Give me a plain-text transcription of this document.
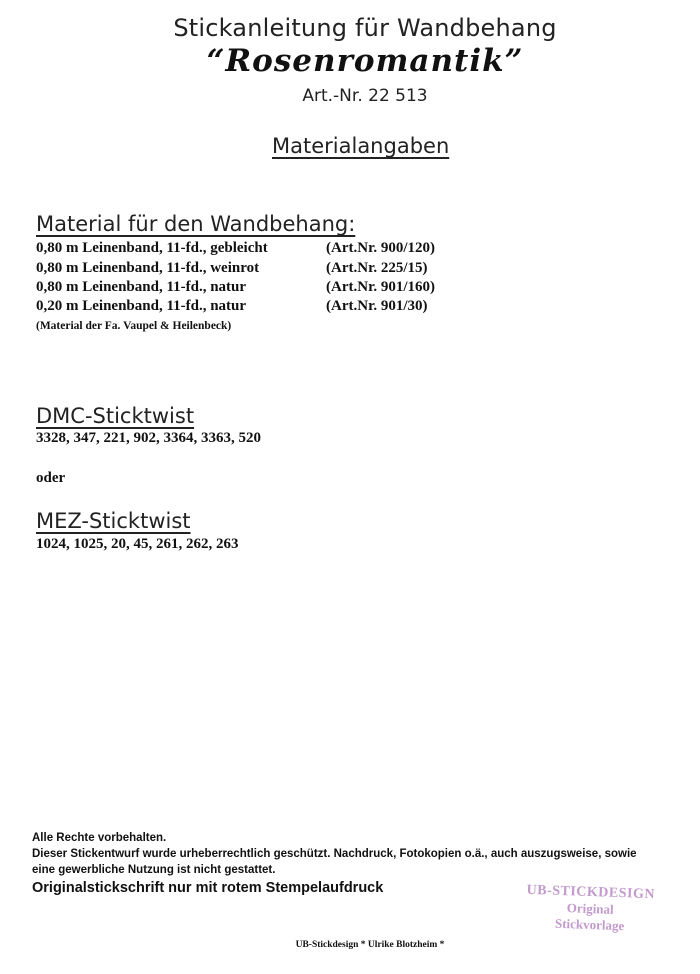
Stickanleitung für Wandbehang
“Rosenromantik”
Art.-Nr. 22 513
Materialangaben
Material für den Wandbehang:
0,80 m Leinenband, 11-fd., gebleicht	(Art.Nr. 900/120)
0,80 m Leinenband, 11-fd., weinrot	(Art.Nr. 225/15)
0,80 m Leinenband, 11-fd., natur	(Art.Nr. 901/160)
0,20 m Leinenband, 11-fd., natur	(Art.Nr. 901/30)
(Material der Fa. Vaupel & Heilenbeck)
DMC-Sticktwist
3328, 347, 221, 902, 3364, 3363, 520
oder
MEZ-Sticktwist
1024, 1025, 20, 45, 261, 262, 263
Alle Rechte vorbehalten.
Dieser Stickentwurf wurde urheberrechtlich geschützt. Nachdruck, Fotokopien o.ä., auch auszugsweise, sowie
eine gewerbliche Nutzung ist nicht gestattet.
Originalstickschrift nur mit rotem Stempelaufdruck	UB-STICKDESIGN
Original
Stickvorlage
UB-Stickdesign * Ulrike Blotzheim *
